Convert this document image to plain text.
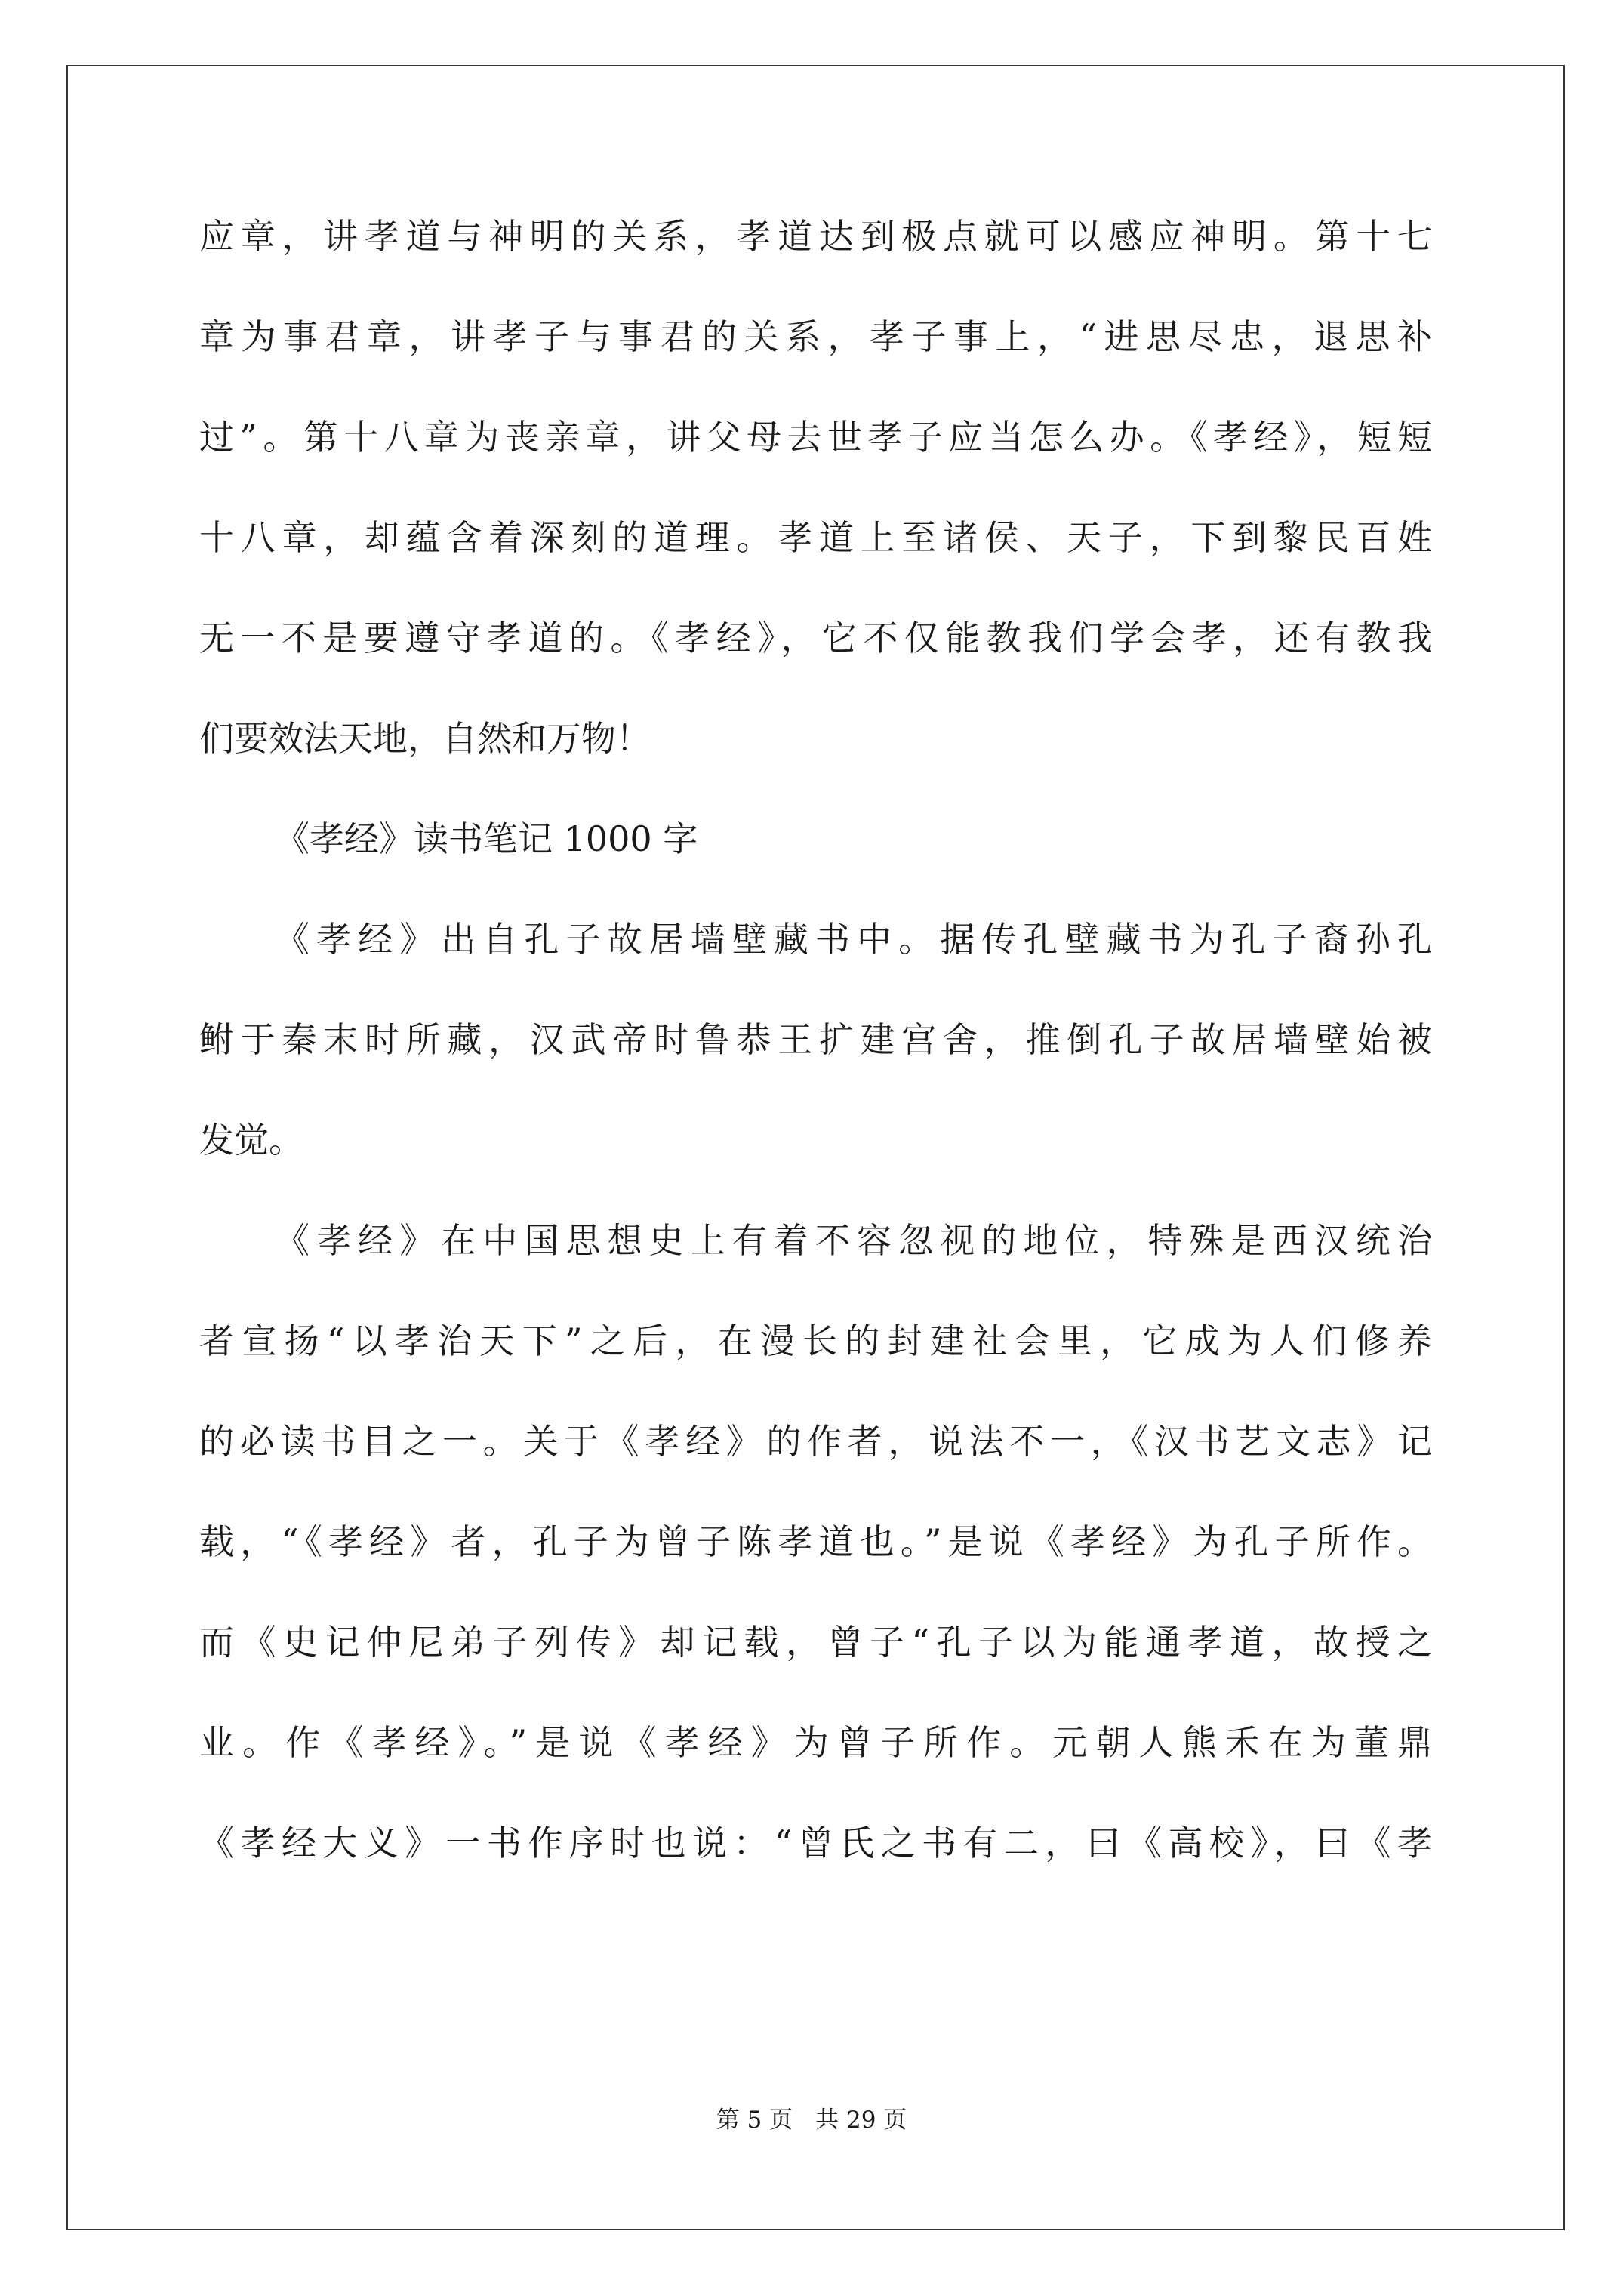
应章，讲孝道与神明的关系，孝道达到极点就可以感应神明。第十七
章为事君章，讲孝子与事君的关系，孝子事上，“进思尽忠，退思补
过”。第十八章为丧亲章，讲父母去世孝子应当怎么办。《孝经》，短短
十八章，却蕴含着深刻的道理。孝道上至诸侯、天子，下到黎民百姓
无一不是要遵守孝道的。《孝经》，它不仅能教我们学会孝，还有教我
们要效法天地，自然和万物！
《孝经》读书笔记 1000 字
《孝经》出自孔子故居墙壁藏书中。据传孔壁藏书为孔子裔孙孔
鲋于秦末时所藏，汉武帝时鲁恭王扩建宫舍，推倒孔子故居墙壁始被
发觉。
《孝经》在中国思想史上有着不容忽视的地位，特殊是西汉统治
者宣扬“以孝治天下”之后，在漫长的封建社会里，它成为人们修养
的必读书目之一。关于《孝经》的作者，说法不一，《汉书艺文志》记
载，“《孝经》者，孔子为曾子陈孝道也。”是说《孝经》为孔子所作。
而《史记仲尼弟子列传》却记载，曾子“孔子以为能通孝道，故授之
业。作《孝经》。”是说《孝经》为曾子所作。元朝人熊禾在为董鼎
《孝经大义》一书作序时也说：“曾氏之书有二，曰《高校》，曰《孝
第 5 页 共 29 页
